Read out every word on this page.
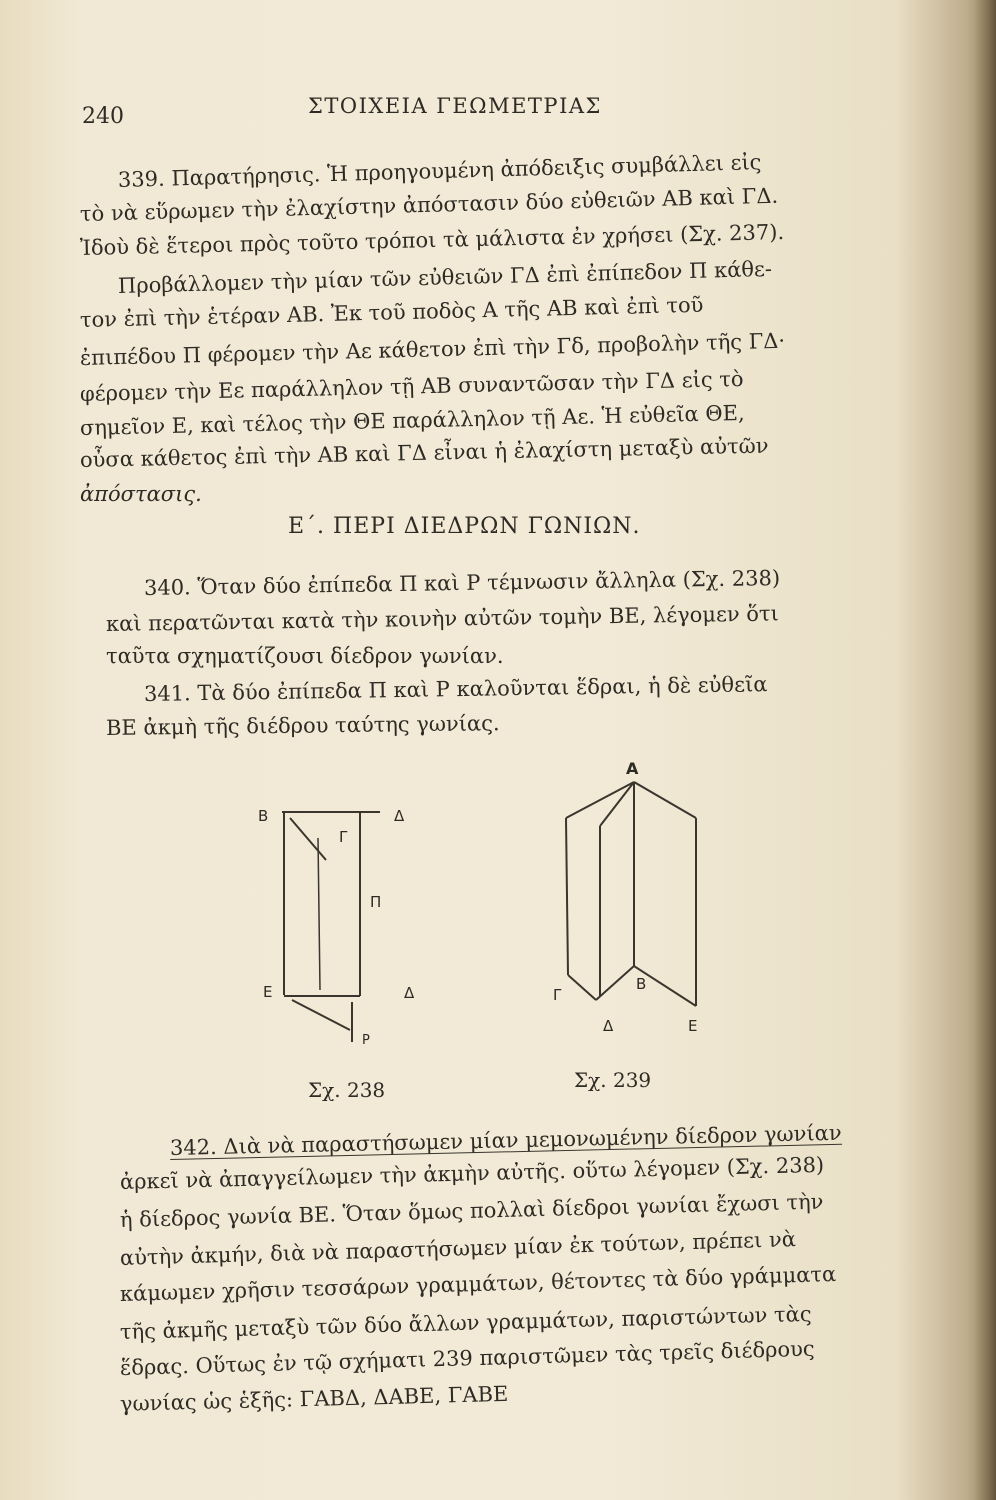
240	ΣΤΟΙΧΕΙΑ ΓΕΩΜΕΤΡΙΑΣ
339. Παρατήρησις. Ἡ προηγουμένη ἀπόδειξις συμβάλλει εἰς
τὸ νὰ εὕρωμεν τὴν ἐλαχίστην ἀπόστασιν δύο εὐθειῶν ΑΒ καὶ ΓΔ.
Ἰδοὺ δὲ ἕτεροι πρὸς τοῦτο τρόποι τὰ μάλιστα ἐν χρήσει (Σχ. 237).
Προβάλλομεν τὴν μίαν τῶν εὐθειῶν ΓΔ ἐπὶ ἐπίπεδον Π κάθε-
τον ἐπὶ τὴν ἑτέραν ΑΒ. Ἐκ τοῦ ποδὸς Α τῆς ΑΒ καὶ ἐπὶ τοῦ
ἐπιπέδου Π φέρομεν τὴν Αε κάθετον ἐπὶ τὴν Γδ, προβολὴν τῆς ΓΔ·
φέρομεν τὴν Εε παράλληλον τῇ ΑΒ συναντῶσαν τὴν ΓΔ εἰς τὸ
σημεῖον Ε, καὶ τέλος τὴν ΘΕ παράλληλον τῇ Αε. Ἡ εὐθεῖα ΘΕ,
οὖσα κάθετος ἐπὶ τὴν ΑΒ καὶ ΓΔ εἶναι ἡ ἐλαχίστη μεταξὺ αὐτῶν
ἀπόστασις.
Ε΄. ΠΕΡΙ ΔΙΕΔΡΩΝ ΓΩΝΙΩΝ.
340. Ὅταν δύο ἐπίπεδα Π καὶ Ρ τέμνωσιν ἄλληλα (Σχ. 238)
καὶ περατῶνται κατὰ τὴν κοινὴν αὐτῶν τομὴν ΒΕ, λέγομεν ὅτι
ταῦτα σχηματίζουσι δίεδρον γωνίαν.
341. Τὰ δύο ἐπίπεδα Π καὶ Ρ καλοῦνται ἕδραι, ἡ δὲ εὐθεῖα
ΒΕ ἀκμὴ τῆς διέδρου ταύτης γωνίας.
Β	Δ
Γ
Π
Ε	Δ
Ρ
Α
Β
Γ
Δ	Ε
Σχ. 238	Σχ. 239
342. Διὰ νὰ παραστήσωμεν μίαν μεμονωμένην δίεδρον γωνίαν
ἀρκεῖ νὰ ἀπαγγείλωμεν τὴν ἀκμὴν αὐτῆς. οὕτω λέγομεν (Σχ. 238)
ἡ δίεδρος γωνία ΒΕ. Ὅταν ὅμως πολλαὶ δίεδροι γωνίαι ἔχωσι τὴν
αὐτὴν ἀκμήν, διὰ νὰ παραστήσωμεν μίαν ἐκ τούτων, πρέπει νὰ
κάμωμεν χρῆσιν τεσσάρων γραμμάτων, θέτοντες τὰ δύο γράμματα
τῆς ἀκμῆς μεταξὺ τῶν δύο ἄλλων γραμμάτων, παριστώντων τὰς
ἕδρας. Οὕτως ἐν τῷ σχήματι 239 παριστῶμεν τὰς τρεῖς διέδρους
γωνίας ὡς ἑξῆς: ΓΑΒΔ, ΔΑΒΕ, ΓΑΒΕ
